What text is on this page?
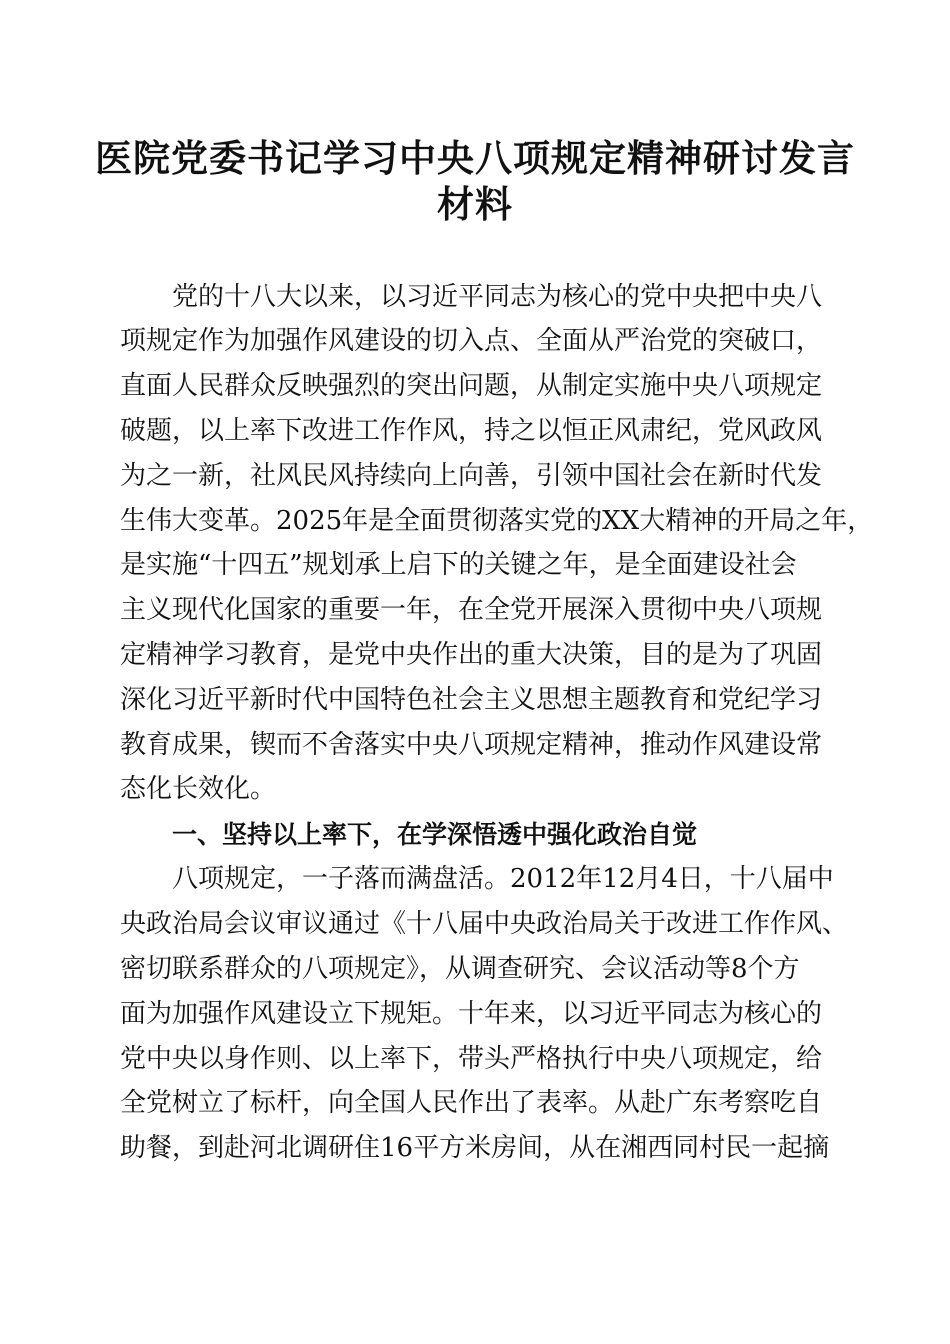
医院党委书记学习中央八项规定精神研讨发言
材料
党的十八大以来，以习近平同志为核心的党中央把中央八
项规定作为加强作风建设的切入点、全面从严治党的突破口，
直面人民群众反映强烈的突出问题，从制定实施中央八项规定
破题，以上率下改进工作作风，持之以恒正风肃纪，党风政风
为之一新，社风民风持续向上向善，引领中国社会在新时代发
生伟大变革。2025年是全面贯彻落实党的XX大精神的开局之年，
是实施“十四五”规划承上启下的关键之年，是全面建设社会
主义现代化国家的重要一年，在全党开展深入贯彻中央八项规
定精神学习教育，是党中央作出的重大决策，目的是为了巩固
深化习近平新时代中国特色社会主义思想主题教育和党纪学习
教育成果，锲而不舍落实中央八项规定精神，推动作风建设常
态化长效化。
一、坚持以上率下，在学深悟透中强化政治自觉
八项规定，一子落而满盘活。2012年12月4日，十八届中
央政治局会议审议通过《十八届中央政治局关于改进工作作风、
密切联系群众的八项规定》，从调查研究、会议活动等8个方
面为加强作风建设立下规矩。十年来，以习近平同志为核心的
党中央以身作则、以上率下，带头严格执行中央八项规定，给
全党树立了标杆，向全国人民作出了表率。从赴广东考察吃自
助餐，到赴河北调研住16平方米房间，从在湘西同村民一起摘
